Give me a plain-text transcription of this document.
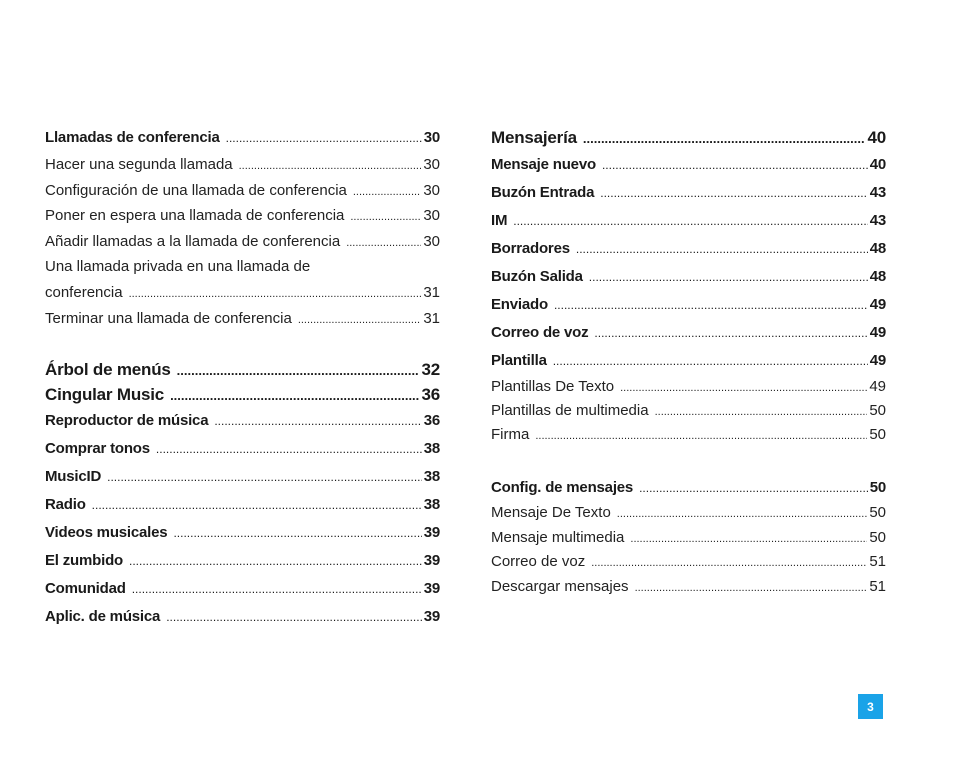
Llamadas de conferencia .....	30
Hacer una segunda llamada .....	30
Configuración de una llamada de conferencia .....	30
Poner en espera una llamada de conferencia .....	30
Añadir llamadas a la llamada de conferencia .....	30
Una llamada privada en una llamada de
conferencia .....	31
Terminar una llamada de conferencia .....	31
Árbol de menús .....	32
Cingular Music .....	36
Reproductor de música .....	36
Comprar tonos .....	38
MusicID .....	38
Radio .....	38
Videos musicales .....	39
El zumbido .....	39
Comunidad .....	39
Aplic. de música .....	39
Mensajería .....	40
Mensaje nuevo .....	40
Buzón Entrada .....	43
IM .....	43
Borradores .....	48
Buzón Salida .....	48
Enviado .....	49
Correo de voz .....	49
Plantilla .....	49
Plantillas De Texto .....	49
Plantillas de multimedia .....	50
Firma .....	50
Config. de mensajes .....	50
Mensaje De Texto .....	50
Mensaje multimedia .....	50
Correo de voz .....	51
Descargar mensajes .....	51
3
